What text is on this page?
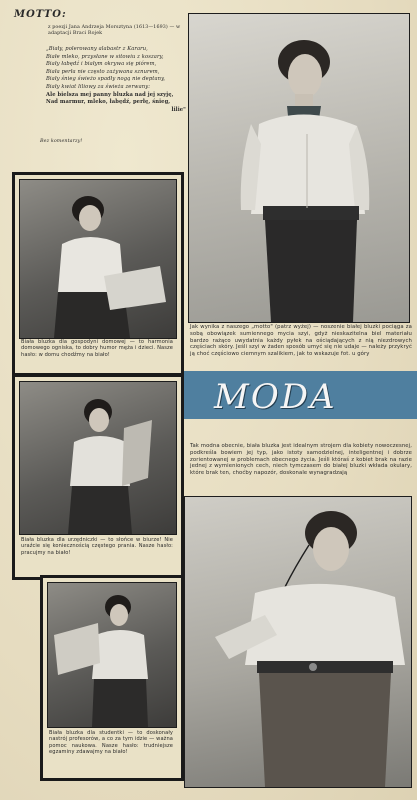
MOTTO:
z poezji Jana Andrzeja Morsztyna (1613—1693) — w adaptacji Braci Rojek
„Biały, polerowany alabastr z Kararu,
Białe mleko, przysłane w sitowiu z koszary,
Biały łabędź i białym okrywa się piórem,
Biała perła nie często zażywana sznurem,
Biały śnieg świeżo spadły nogą nie deptany,
Biały kwiat liliowy za świeża zerwany:
Ale bielsza mej panny bluzka nad jej szyję,
Nad marmur, mleko, łabędź, perłę, śnieg,
lilie"
Bez komentarzy!
Jak wynika z naszego „motto" (patrz wyżej) — noszenie białej bluzki pociąga za sobą obowiązek sumiennego mycia szyi, gdyż nieskazitelna biel materiału bardzo rażąco uwydatnia każdy pyłek na ościądających z nią niezdrowych częściach skóry. Jeśli szyi w żaden sposób umyć się nie udaje — należy przykryć ją choć częściowo ciemnym szalikiem, jak to wskazuje fot. u góry
MODA
Tak modna obecnie, biała bluzka jest idealnym strojem dla kobiety nowoczesnej, podkreśla bowiem jej typ, jako istoty samodzielnej, inteligentnej i dobrze zorientowanej w problemach obecnego życia. Jeśli któraś z kobiet brak na razie jednej z wymienionych cech, niech tymczasem do białej bluzki wkłada okulary, które brak ten, choćby napozór, doskonale wynagradzają
Biała bluzka dla gospodyni domowej — to harmonia domowego ogniska, to dobry humor męża i dzieci. Nasze hasło: w domu chodźmy na biało!
Biała bluzka dla urzędniczki — to słońce w biurze! Nie uraźcie się koniecznością częstego prania. Nasze hasło: pracujmy na biało!
Biała bluzka dla studentki — to doskonały nastrój profesorów, a co za tym idzie — ważna pomoc naukowa. Nasze hasło: trudniejsze egzaminy zdawajmy na biało!
